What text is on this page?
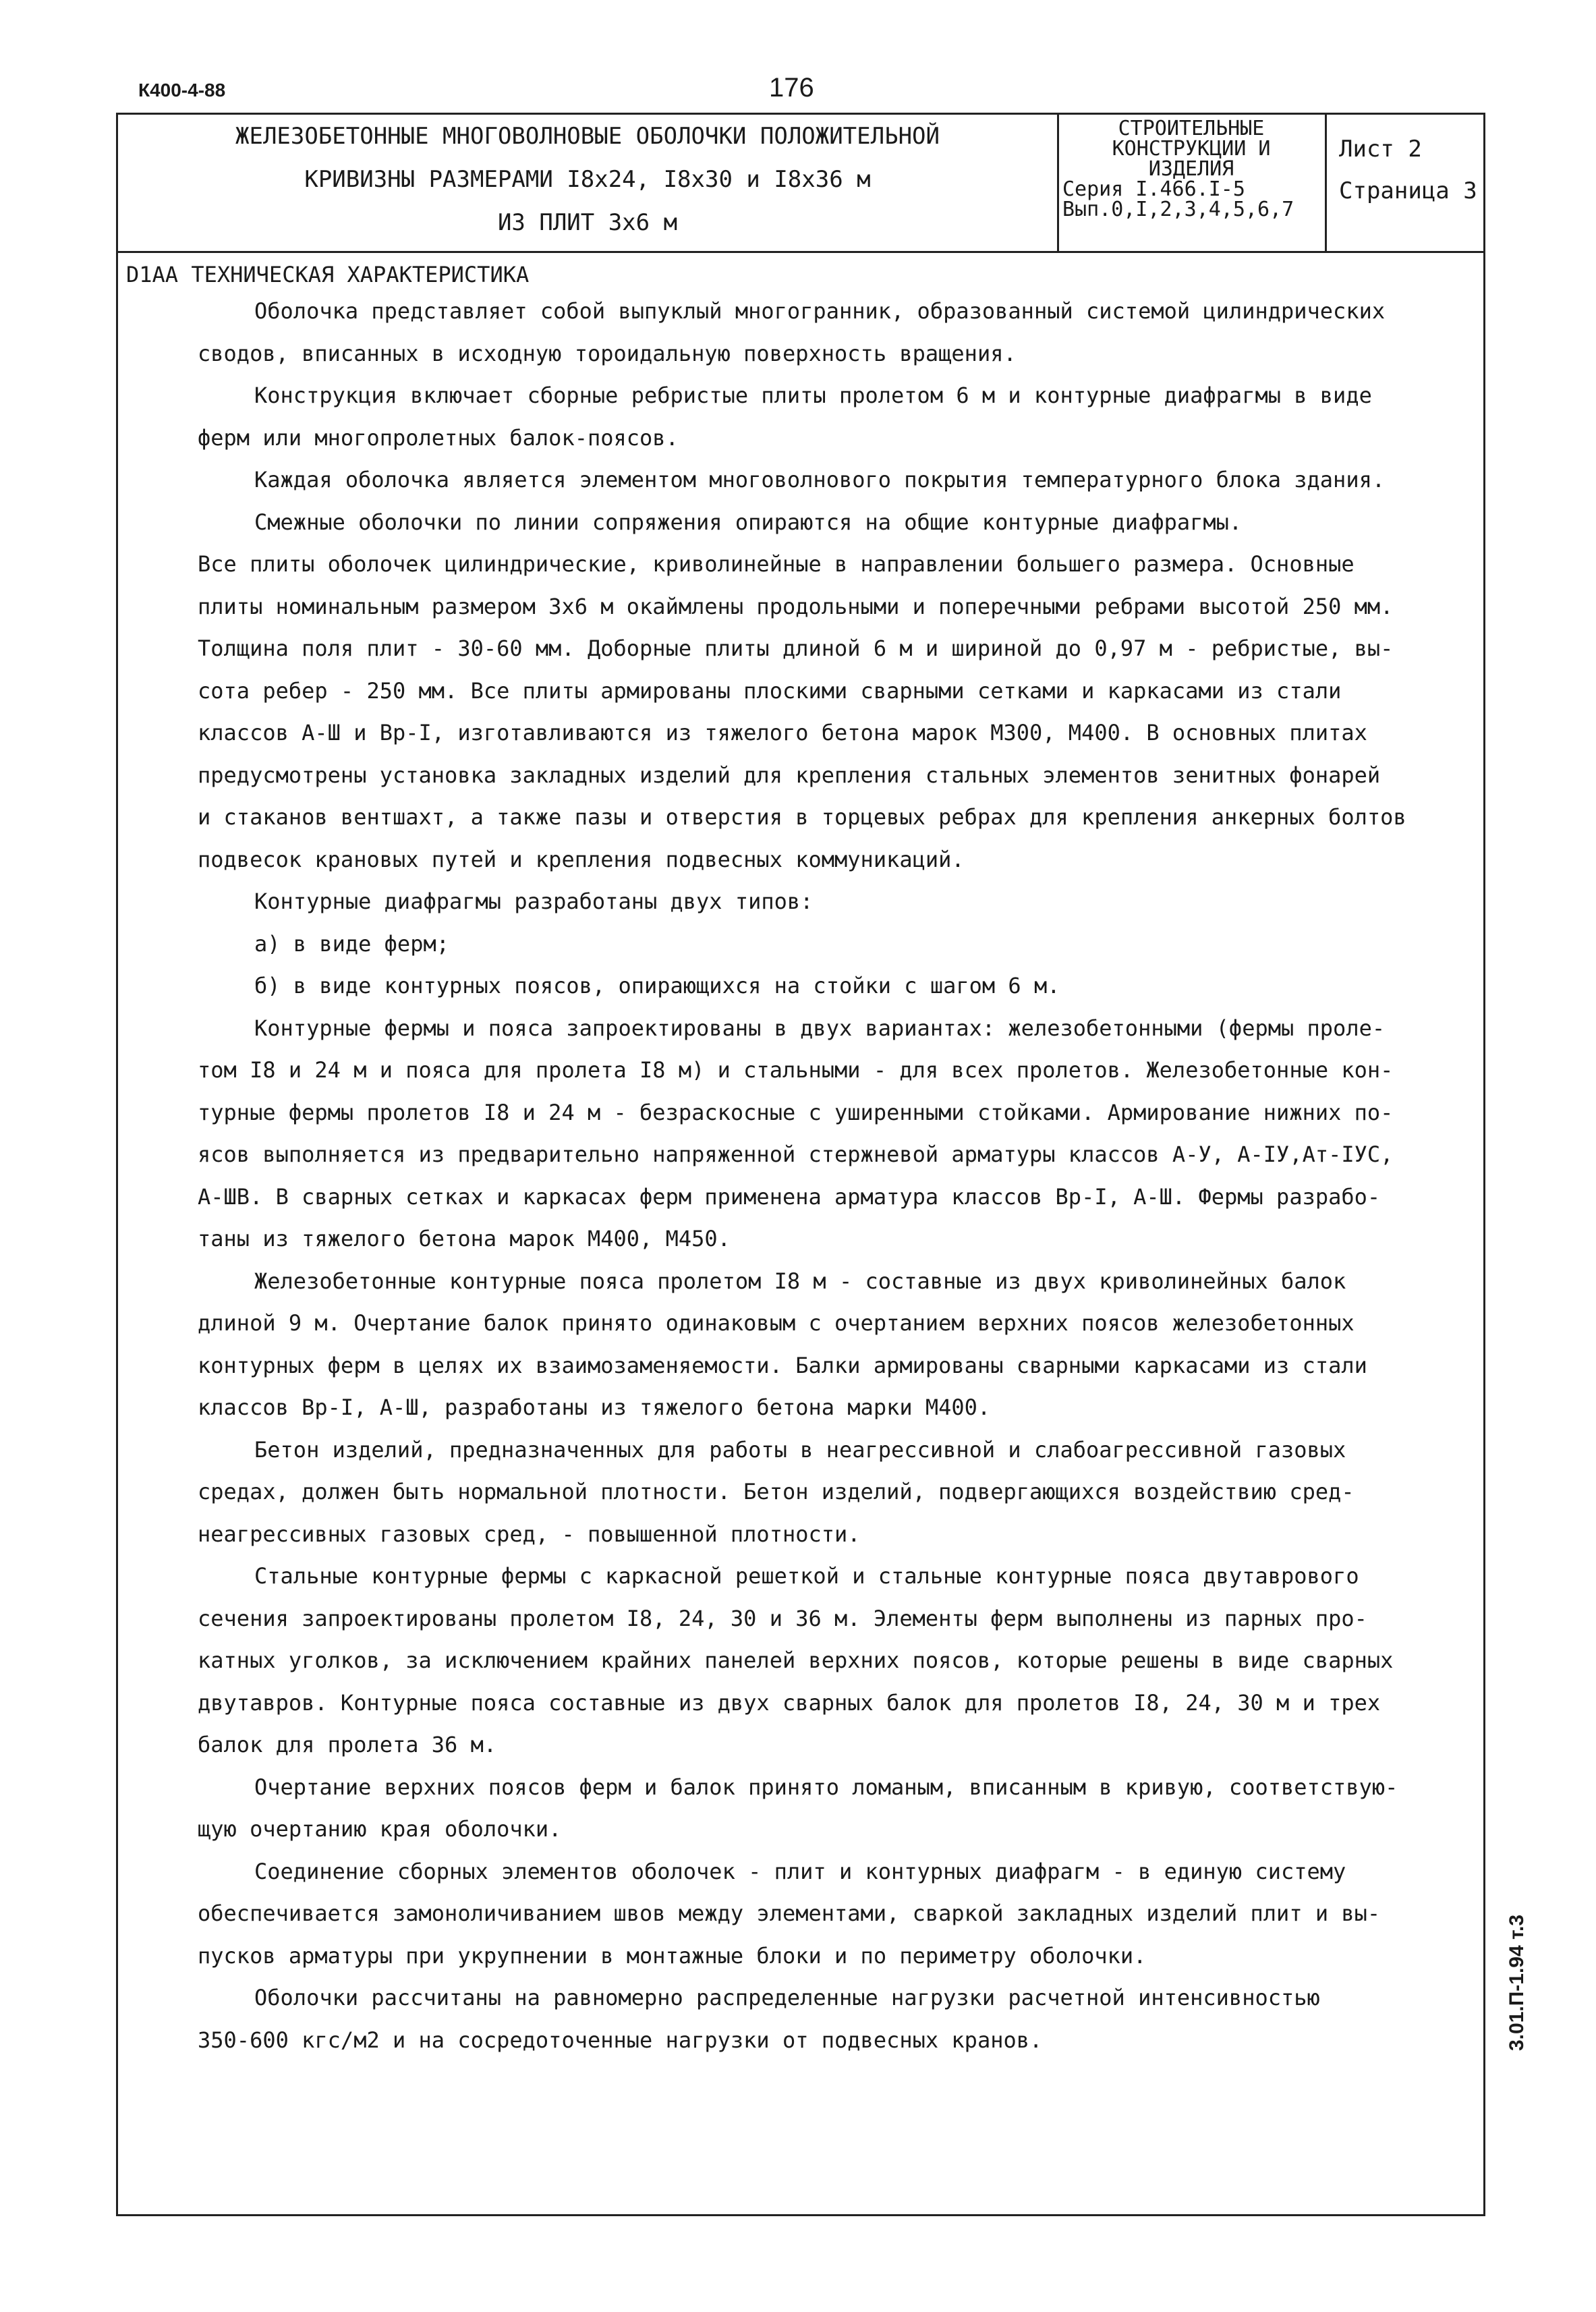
К400-4-88	176
ЖЕЛЕЗОБЕТОННЫЕ МНОГОВОЛНОВЫЕ ОБОЛОЧКИ ПОЛОЖИТЕЛЬНОЙ
КРИВИЗНЫ РАЗМЕРАМИ I8x24, I8x30 и I8x36 м
ИЗ ПЛИТ 3x6 м
СТРОИТЕЛЬНЫЕ
КОНСТРУКЦИИ И
ИЗДЕЛИЯ
Серия I.466.I-5
Вып.0,I,2,3,4,5,6,7
Лист 2
Страница 3
D1AA ТЕХНИЧЕСКАЯ ХАРАКТЕРИСТИКА
Оболочка представляет собой выпуклый многогранник, образованный системой цилиндрических
сводов, вписанных в исходную тороидальную поверхность вращения.
Конструкция включает сборные ребристые плиты пролетом 6 м и контурные диафрагмы в виде
ферм или многопролетных балок-поясов.
Каждая оболочка является элементом многоволнового покрытия температурного блока здания.
Смежные оболочки по линии сопряжения опираются на общие контурные диафрагмы.
Все плиты оболочек цилиндрические, криволинейные в направлении большего размера. Основные
плиты номинальным размером 3x6 м окаймлены продольными и поперечными ребрами высотой 250 мм.
Толщина поля плит - 30-60 мм. Доборные плиты длиной 6 м и шириной до 0,97 м - ребристые, вы-
сота ребер - 250 мм. Все плиты армированы плоскими сварными сетками и каркасами из стали
классов А-Ш и Вр-I, изготавливаются из тяжелого бетона марок М300, М400. В основных плитах
предусмотрены установка закладных изделий для крепления стальных элементов зенитных фонарей
и стаканов вентшахт, а также пазы и отверстия в торцевых ребрах для крепления анкерных болтов
подвесок крановых путей и крепления подвесных коммуникаций.
Контурные диафрагмы разработаны двух типов:
а) в виде ферм;
б) в виде контурных поясов, опирающихся на стойки с шагом 6 м.
Контурные фермы и пояса запроектированы в двух вариантах: железобетонными (фермы проле-
том I8 и 24 м и пояса для пролета I8 м) и стальными - для всех пролетов. Железобетонные кон-
турные фермы пролетов I8 и 24 м - безраскосные с уширенными стойками. Армирование нижних по-
ясов выполняется из предварительно напряженной стержневой арматуры классов А-У, А-IУ,Ат-IУС,
А-ШВ. В сварных сетках и каркасах ферм применена арматура классов Вр-I, А-Ш. Фермы разрабо-
таны из тяжелого бетона марок М400, М450.
Железобетонные контурные пояса пролетом I8 м - составные из двух криволинейных балок
длиной 9 м. Очертание балок принято одинаковым с очертанием верхних поясов железобетонных
контурных ферм в целях их взаимозаменяемости. Балки армированы сварными каркасами из стали
классов Вр-I, А-Ш, разработаны из тяжелого бетона марки М400.
Бетон изделий, предназначенных для работы в неагрессивной и слабоагрессивной газовых
средах, должен быть нормальной плотности. Бетон изделий, подвергающихся воздействию сред-
неагрессивных газовых сред, - повышенной плотности.
Стальные контурные фермы с каркасной решеткой и стальные контурные пояса двутаврового
сечения запроектированы пролетом I8, 24, 30 и 36 м. Элементы ферм выполнены из парных про-
катных уголков, за исключением крайних панелей верхних поясов, которые решены в виде сварных
двутавров. Контурные пояса составные из двух сварных балок для пролетов I8, 24, 30 м и трех
балок для пролета 36 м.
Очертание верхних поясов ферм и балок принято ломаным, вписанным в кривую, соответствую-
щую очертанию края оболочки.
Соединение сборных элементов оболочек - плит и контурных диафрагм - в единую систему
обеспечивается замоноличиванием швов между элементами, сваркой закладных изделий плит и вы-
пусков арматуры при укрупнении в монтажные блоки и по периметру оболочки.
Оболочки рассчитаны на равномерно распределенные нагрузки расчетной интенсивностью
350-600 кгс/м2 и на сосредоточенные нагрузки от подвесных кранов.	3.01.П-1.94 т.3
